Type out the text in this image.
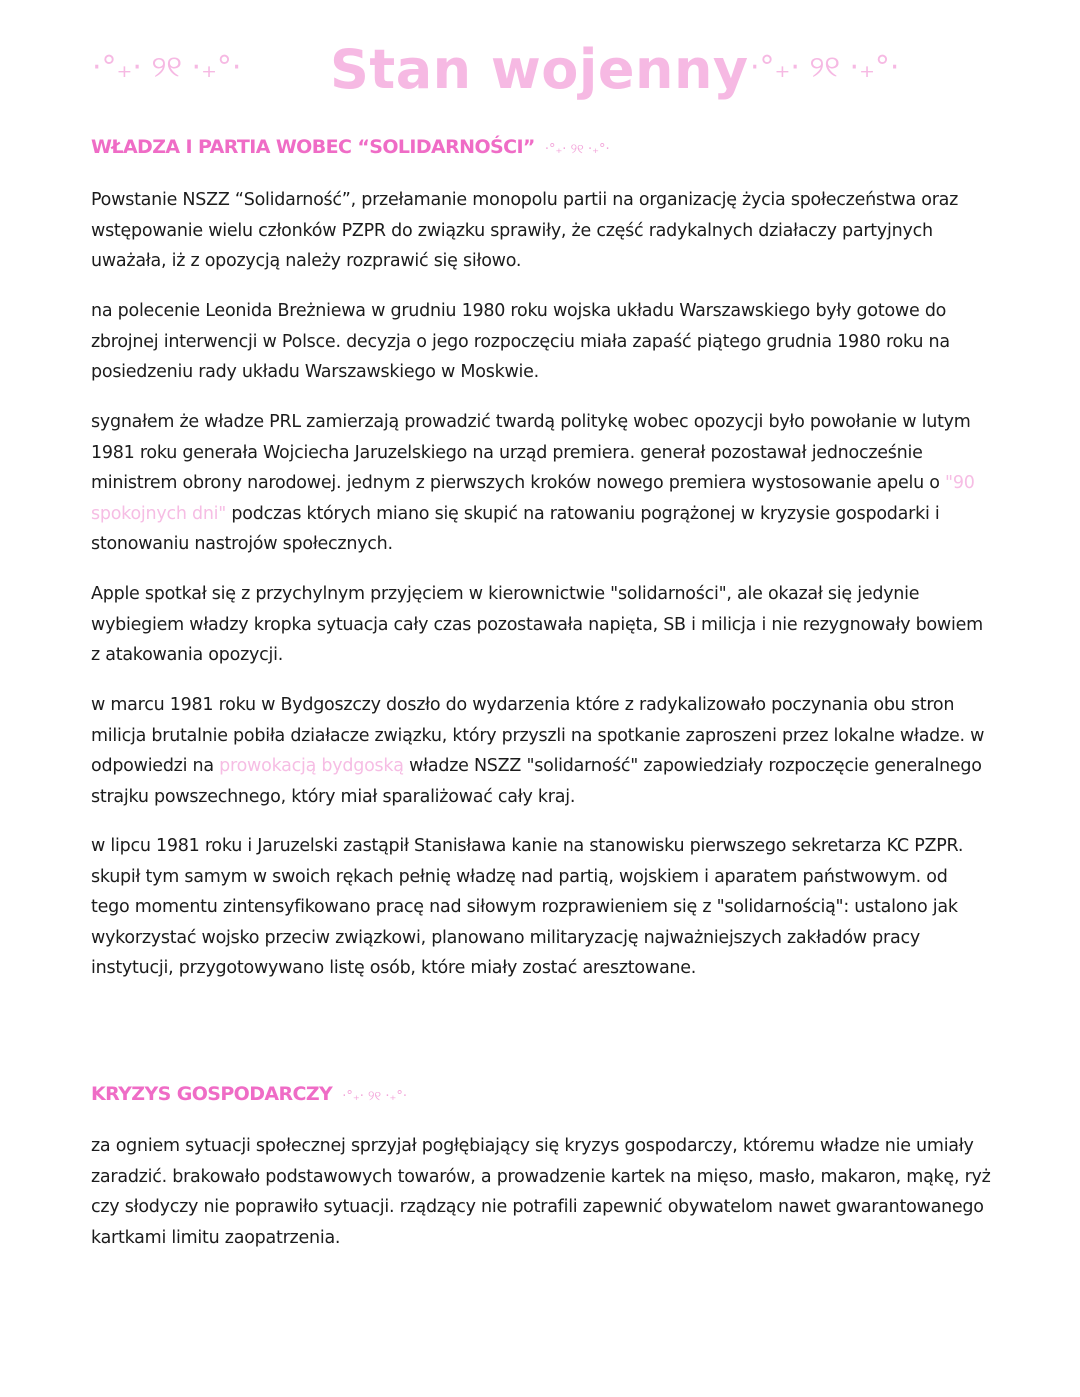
·°₊· ୨୧ ·₊°· Stan wojenny ·°₊· ୨୧ ·₊°·
WŁADZA I PARTIA WOBEC “SOLIDARNOŚCI” ·°₊· ୨୧ ·₊°·

Powstanie NSZZ “Solidarność”, przełamanie monopolu partii na organizację życia społeczeństwa oraz wstępowanie wielu członków PZPR do związku sprawiły, że część radykalnych działaczy partyjnych uważała, iż z opozycją należy rozprawić się siłowo.

na polecenie Leonida Breżniewa w grudniu 1980 roku wojska układu Warszawskiego były gotowe do zbrojnej interwencji w Polsce. decyzja o jego rozpoczęciu miała zapaść piątego grudnia 1980 roku na posiedzeniu rady układu Warszawskiego w Moskwie.

sygnałem że władze PRL zamierzają prowadzić twardą politykę wobec opozycji było powołanie w lutym 1981 roku generała Wojciecha Jaruzelskiego na urząd premiera. generał pozostawał jednocześnie ministrem obrony narodowej. jednym z pierwszych kroków nowego premiera wystosowanie apelu o "90 spokojnych dni" podczas których miano się skupić na ratowaniu pogrążonej w kryzysie gospodarki i stonowaniu nastrojów społecznych.

Apple spotkał się z przychylnym przyjęciem w kierownictwie "solidarności", ale okazał się jedynie wybiegiem władzy kropka sytuacja cały czas pozostawała napięta, SB i milicja i nie rezygnowały bowiem z atakowania opozycji.

w marcu 1981 roku w Bydgoszczy doszło do wydarzenia które z radykalizowało poczynania obu stron milicja brutalnie pobiła działacze związku, który przyszli na spotkanie zaproszeni przez lokalne władze. w odpowiedzi na prowokacją bydgoską władze NSZZ "solidarność" zapowiedziały rozpoczęcie generalnego strajku powszechnego, który miał sparaliżować cały kraj.

w lipcu 1981 roku i Jaruzelski zastąpił Stanisława kanie na stanowisku pierwszego sekretarza KC PZPR. skupił tym samym w swoich rękach pełnię władzę nad partią, wojskiem i aparatem państwowym. od tego momentu zintensyfikowano pracę nad siłowym rozprawieniem się z "solidarnością": ustalono jak wykorzystać wojsko przeciw związkowi, planowano militaryzację najważniejszych zakładów pracy instytucji, przygotowywano listę osób, które miały zostać aresztowane.

KRYZYS GOSPODARCZY ·°₊· ୨୧ ·₊°·

za ogniem sytuacji społecznej sprzyjał pogłębiający się kryzys gospodarczy, któremu władze nie umiały zaradzić. brakowało podstawowych towarów, a prowadzenie kartek na mięso, masło, makaron, mąkę, ryż czy słodyczy nie poprawiło sytuacji. rządzący nie potrafili zapewnić obywatelom nawet gwarantowanego kartkami limitu zaopatrzenia.
